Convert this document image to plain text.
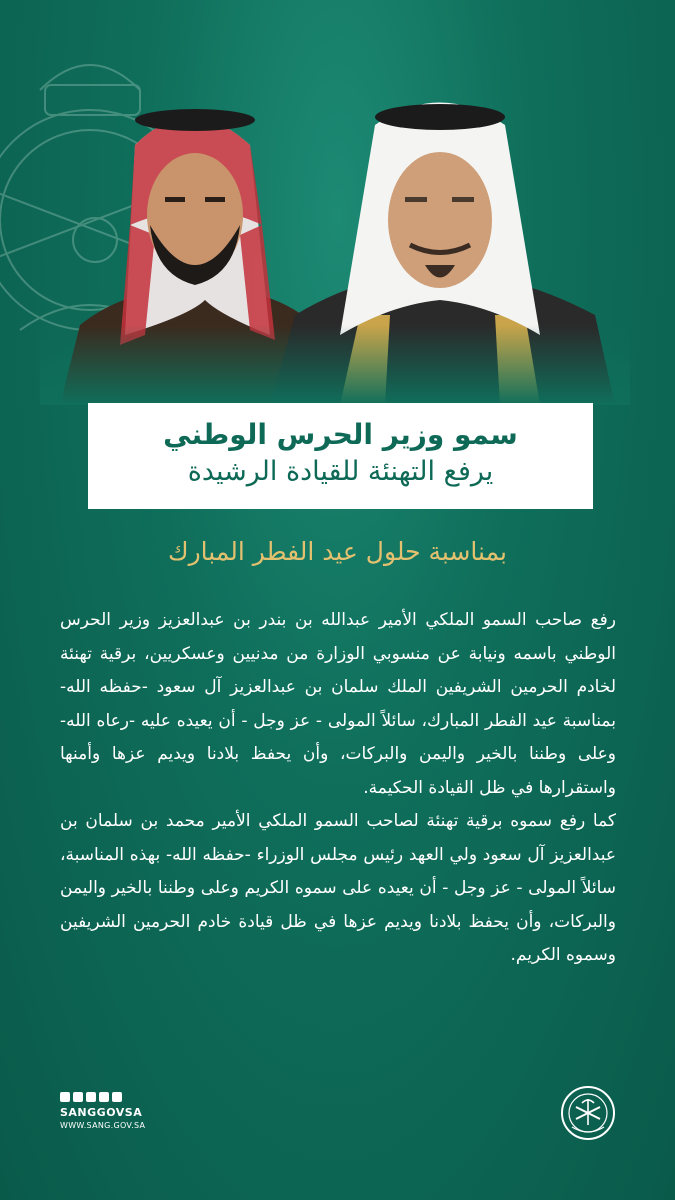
سمو وزير الحرس الوطني

يرفع التهنئة للقيادة الرشيدة

بمناسبة حلول عيد الفطر المبارك

رفع صاحب السمو الملكي الأمير عبدالله بن بندر بن عبدالعزيز وزير الحرس الوطني باسمه ونيابة عن منسوبي الوزارة من مدنيين وعسكريين، برقية تهنئة لخادم الحرمين الشريفين الملك سلمان بن عبدالعزيز آل سعود -حفظه الله- بمناسبة عيد الفطر المبارك، سائلاً المولى - عز وجل - أن يعيده عليه -رعاه الله- وعلى وطننا بالخير واليمن والبركات، وأن يحفظ بلادنا ويديم عزها وأمنها واستقرارها في ظل القيادة الحكيمة.

كما رفع سموه برقية تهنئة لصاحب السمو الملكي الأمير محمد بن سلمان بن عبدالعزيز آل سعود ولي العهد رئيس مجلس الوزراء -حفظه الله- بهذه المناسبة، سائلاً المولى - عز وجل - أن يعيده على سموه الكريم وعلى وطننا بالخير واليمن والبركات، وأن يحفظ بلادنا ويديم عزها في ظل قيادة خادم الحرمين الشريفين وسموه الكريم.

SANGGOVSA
WWW.SANG.GOV.SA
